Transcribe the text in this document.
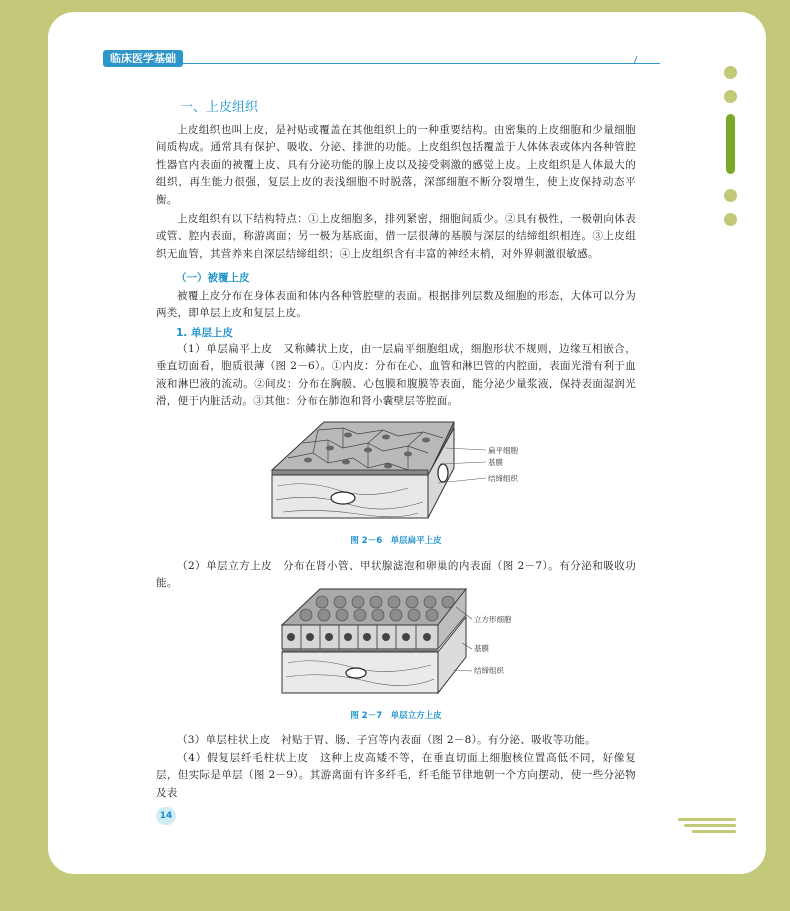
临床医学基础
一、上皮组织

上皮组织也叫上皮，是衬贴或覆盖在其他组织上的一种重要结构。由密集的上皮细胞和少量细胞间质构成。通常具有保护、吸收、分泌、排泄的功能。上皮组织包括覆盖于人体体表或体内各种管腔性器官内表面的被覆上皮、具有分泌功能的腺上皮以及接受刺激的感觉上皮。上皮组织是人体最大的组织，再生能力很强，复层上皮的表浅细胞不时脱落，深部细胞不断分裂增生，使上皮保持动态平衡。

上皮组织有以下结构特点：①上皮细胞多，排列紧密，细胞间质少。②具有极性，一极朝向体表或管、腔内表面，称游离面；另一极为基底面，借一层很薄的基膜与深层的结缔组织相连。③上皮组织无血管，其营养来自深层结缔组织；④上皮组织含有丰富的神经末梢，对外界刺激很敏感。

（一）被覆上皮

被覆上皮分布在身体表面和体内各种管腔壁的表面。根据排列层数及细胞的形态，大体可以分为两类，即单层上皮和复层上皮。

1. 单层上皮

（1）单层扁平上皮　又称鳞状上皮，由一层扁平细胞组成，细胞形状不规则，边缘互相嵌合，垂直切面看，胞质很薄（图 2－6）。①内皮：分布在心、血管和淋巴管的内腔面，表面光滑有利于血液和淋巴液的流动。②间皮：分布在胸膜、心包膜和腹膜等表面，能分泌少量浆液，保持表面湿润光滑，便于内脏活动。③其他：分布在肺泡和肾小囊壁层等腔面。

扁平细胞
基膜
结缔组织
图 2－6　单层扁平上皮

（2）单层立方上皮　分布在肾小管、甲状腺滤泡和卵巢的内表面（图 2－7）。有分泌和吸收功能。

立方形细胞
基膜
结缔组织
图 2－7　单层立方上皮

（3）单层柱状上皮　衬贴于胃、肠、子宫等内表面（图 2－8）。有分泌、吸收等功能。

（4）假复层纤毛柱状上皮　这种上皮高矮不等，在垂直切面上细胞核位置高低不同，好像复层，但实际是单层（图 2－9）。其游离面有许多纤毛，纤毛能节律地朝一个方向摆动，使一些分泌物及表

14
